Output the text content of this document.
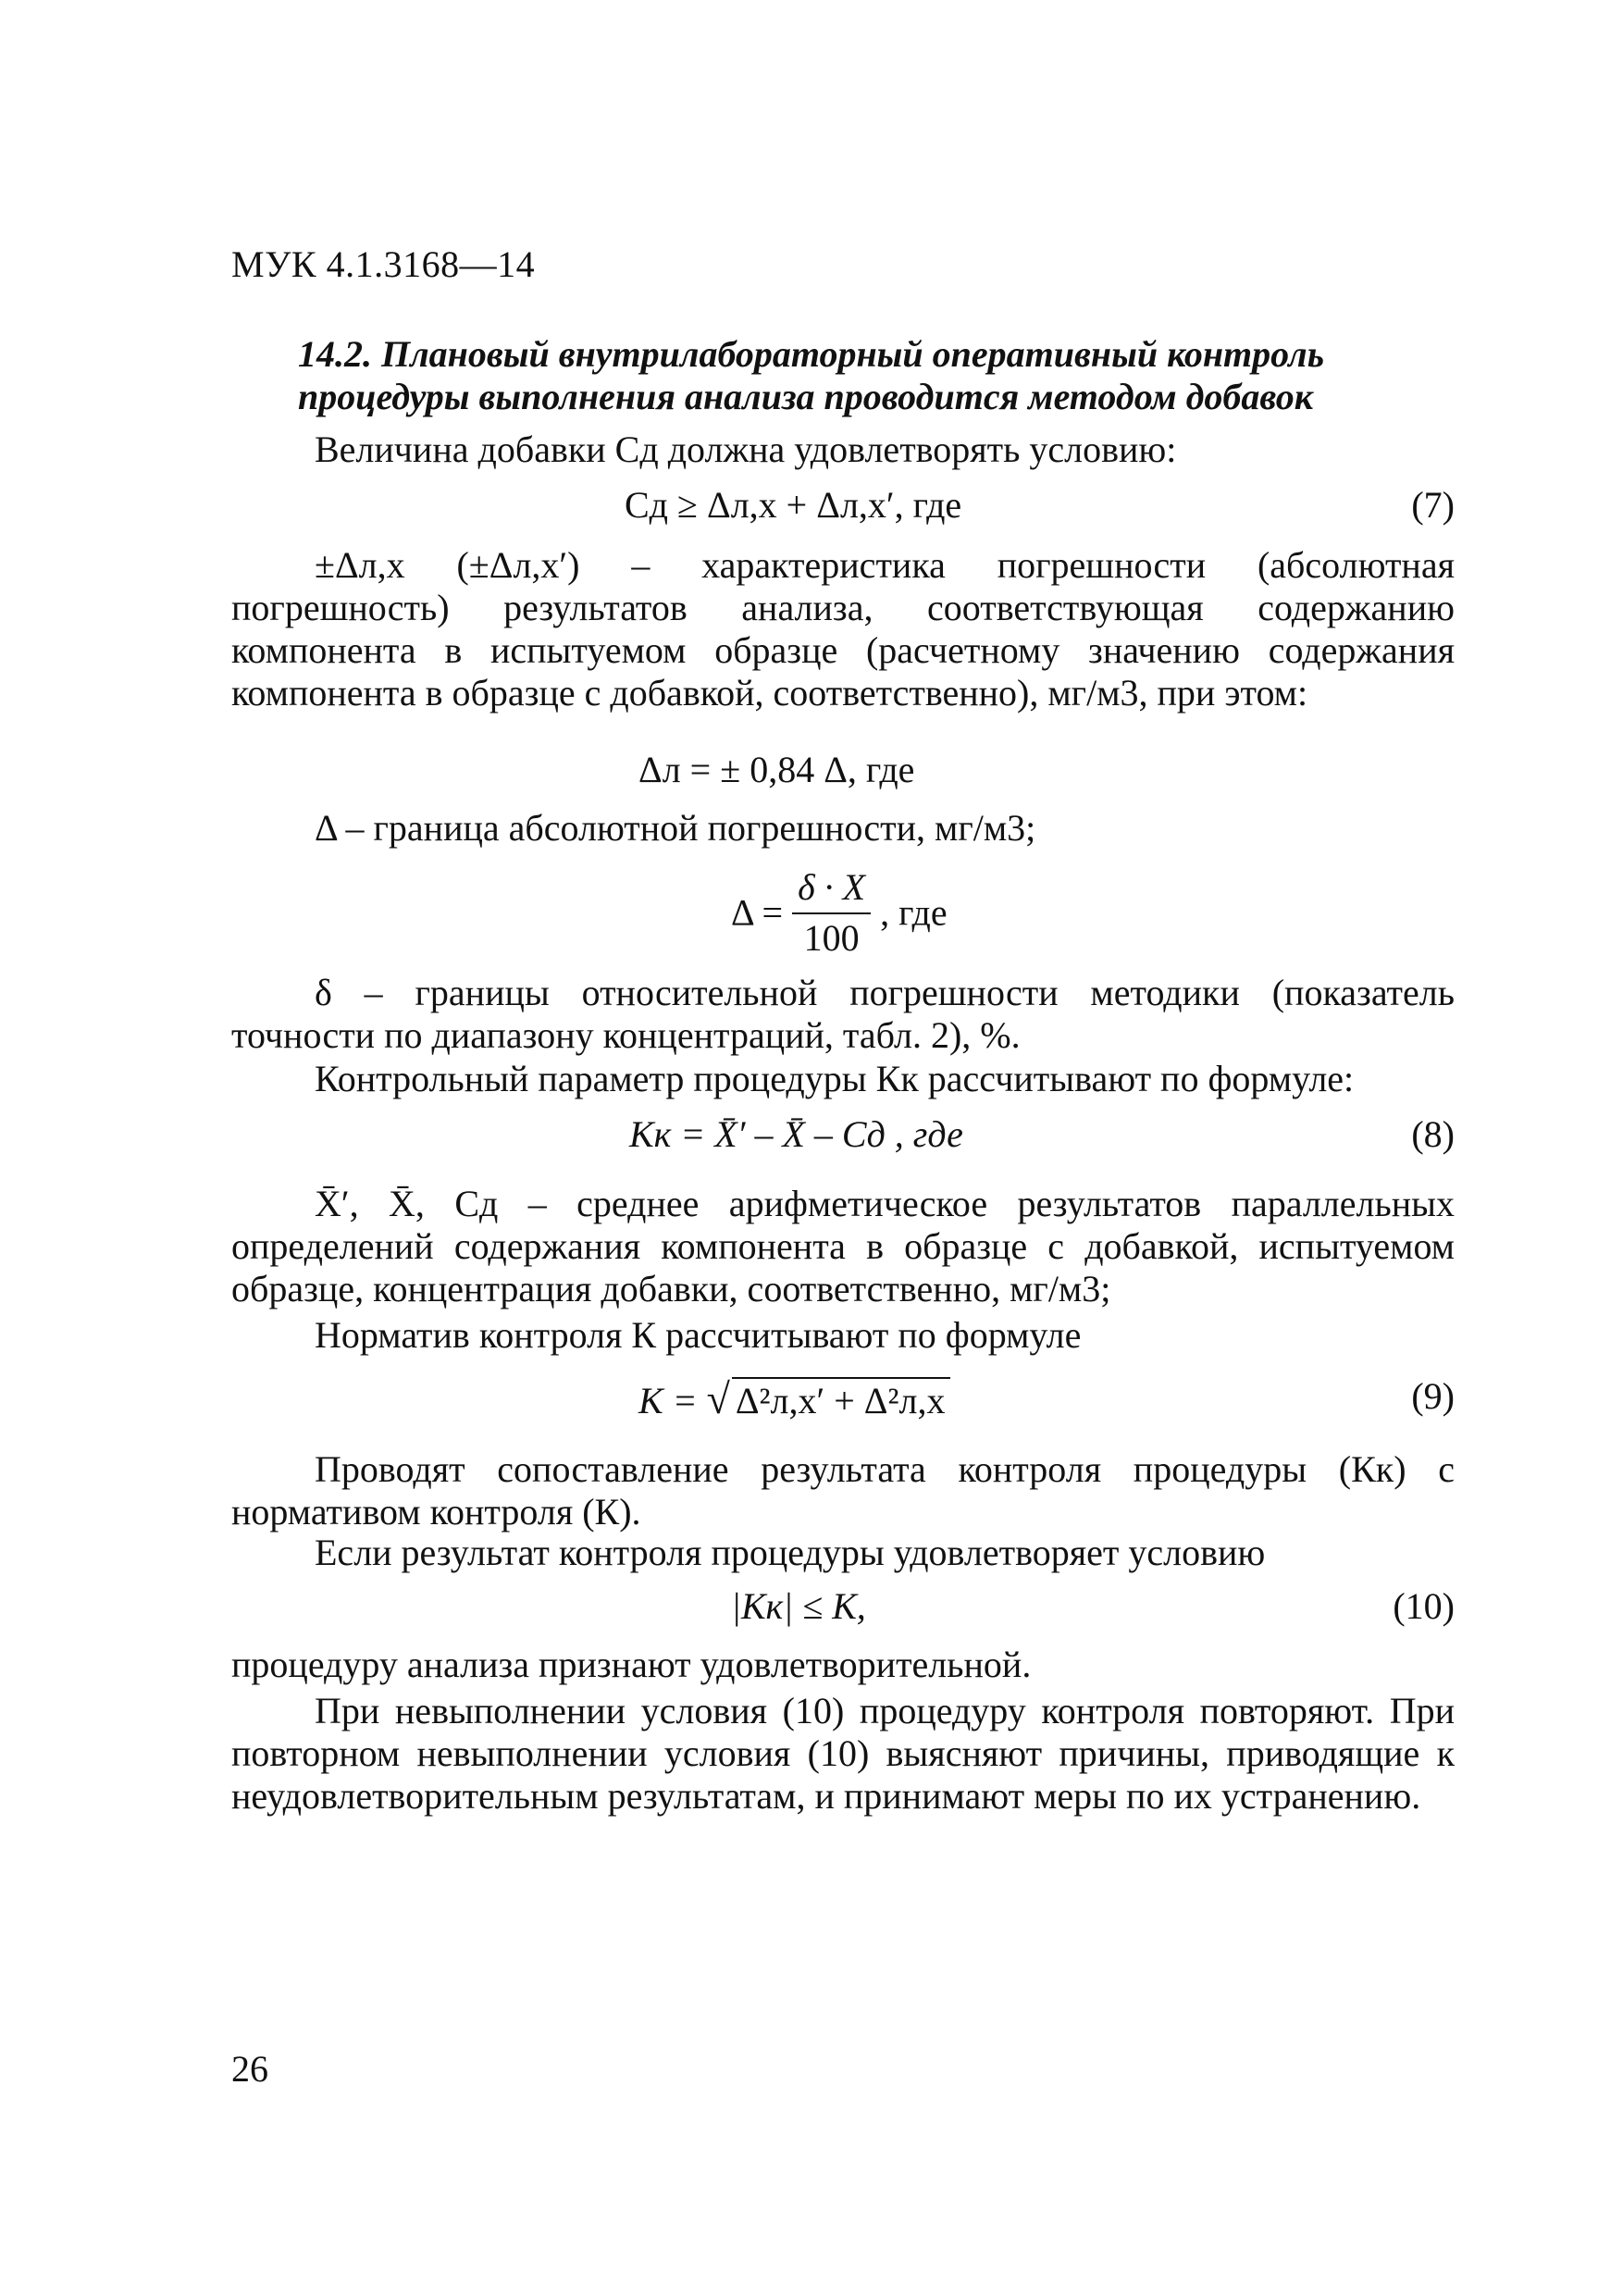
МУК 4.1.3168—14
14.2. Плановый внутрилабораторный оперативный контроль
процедуры выполнения анализа проводится методом добавок

Величина добавки Cд должна удовлетворять условию:

Сд ≥ Δл,х + Δл,х′, где	(7)

±Δл,х (±Δл,х′) – характеристика погрешности (абсолютная погрешность) результатов анализа, соответствующая содержанию компонента в испытуемом образце (расчетному значению содержания компонента в образце с добавкой, соответственно), мг/м3, при этом:

Δл = ± 0,84 Δ, где

Δ – граница абсолютной погрешности, мг/м3;

$\Delta = \frac{\delta \cdot X}{100}$ , где

δ – границы относительной погрешности методики (показатель точности по диапазону концентраций, табл. 2), %.

Контрольный параметр процедуры Кк рассчитывают по формуле:

Кк = X̄′ – X̄ – Cд , где	(8)

X̄′, X̄, Cд – среднее арифметическое результатов параллельных определений содержания компонента в образце с добавкой, испытуемом образце, концентрация добавки, соответственно, мг/м3;

Норматив контроля К рассчитывают по формуле

К = √ Δ²л,х′ + Δ²л,х	(9)

Проводят сопоставление результата контроля процедуры (Кк) с нормативом контроля (К).

Если результат контроля процедуры удовлетворяет условию

|Кк| ≤ К,	(10)

процедуру анализа признают удовлетворительной.

При невыполнении условия (10) процедуру контроля повторяют. При повторном невыполнении условия (10) выясняют причины, приводящие к неудовлетворительным результатам, и принимают меры по их устранению.

26
